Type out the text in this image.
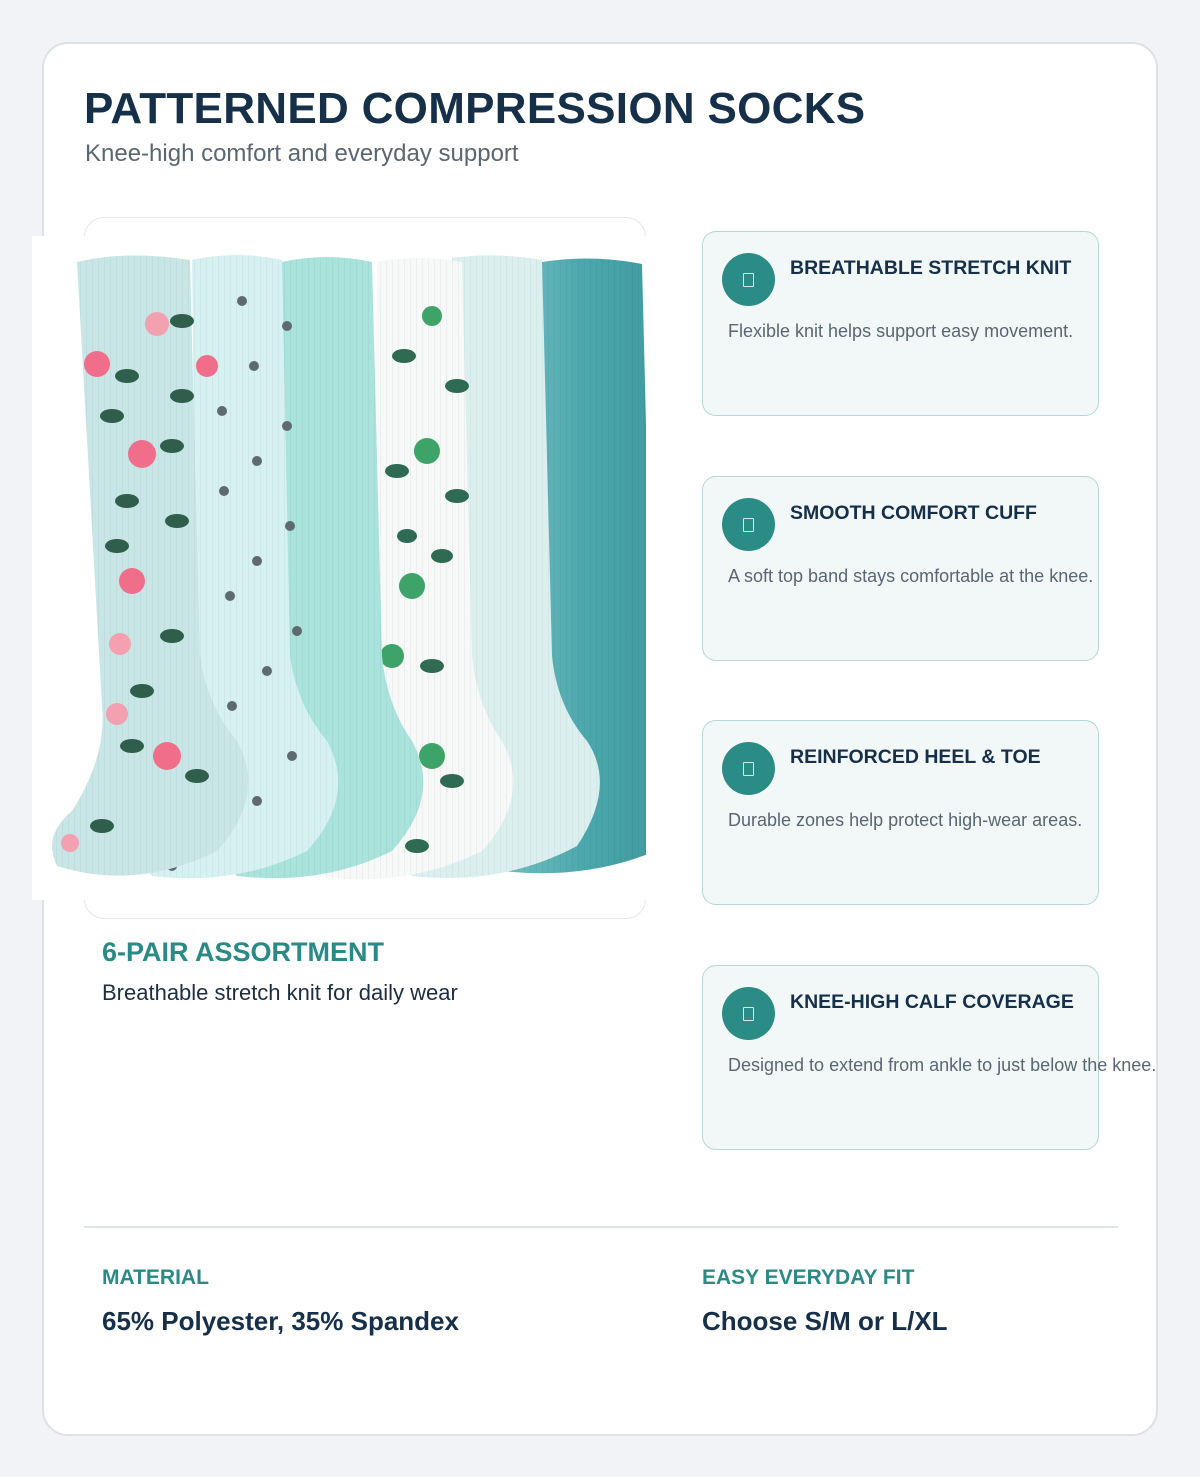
PATTERNED COMPRESSION SOCKS
Knee-high comfort and everyday support
6-PAIR ASSORTMENT
Breathable stretch knit for daily wear
BREATHABLE STRETCH KNIT
Flexible knit helps support easy movement.
SMOOTH COMFORT CUFF
A soft top band stays comfortable at the knee.
REINFORCED HEEL & TOE
Durable zones help protect high-wear areas.
KNEE-HIGH CALF COVERAGE
Designed to extend from ankle to just below the knee.
MATERIAL
65% Polyester, 35% Spandex
EASY EVERYDAY FIT
Choose S/M or L/XL
